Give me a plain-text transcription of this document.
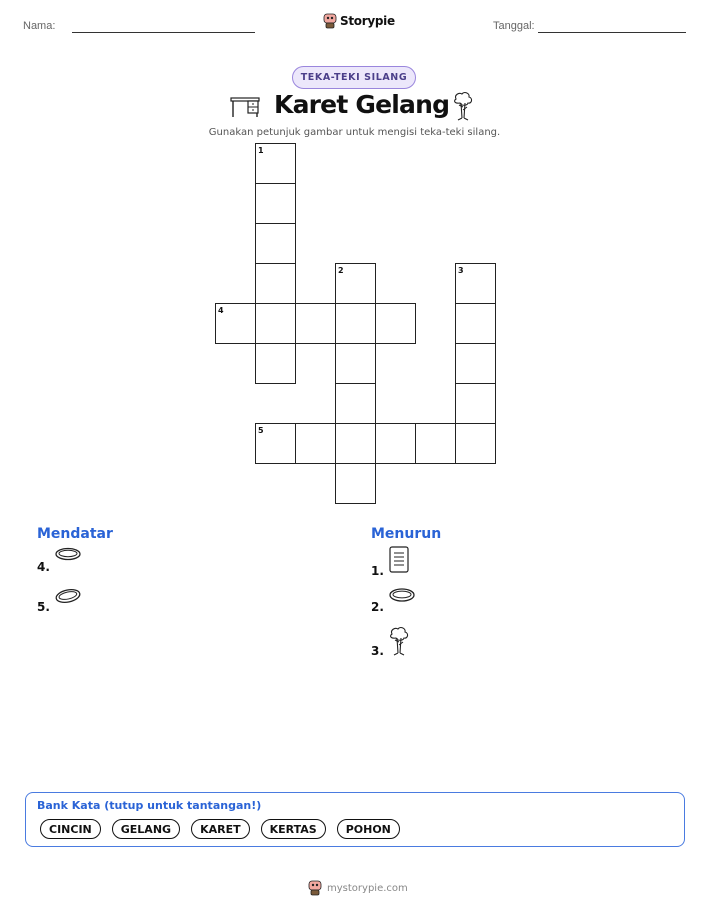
Nama:	Storypie	Tanggal:
TEKA-TEKI SILANG
Karet Gelang
Gunakan petunjuk gambar untuk mengisi teka-teki silang.
1
2	3
4
5
Mendatar
4.
5.
Menurun
1.
2.
3.
Bank Kata (tutup untuk tantangan!)
CINCIN	GELANG	KARET	KERTAS	POHON
mystorypie.com
